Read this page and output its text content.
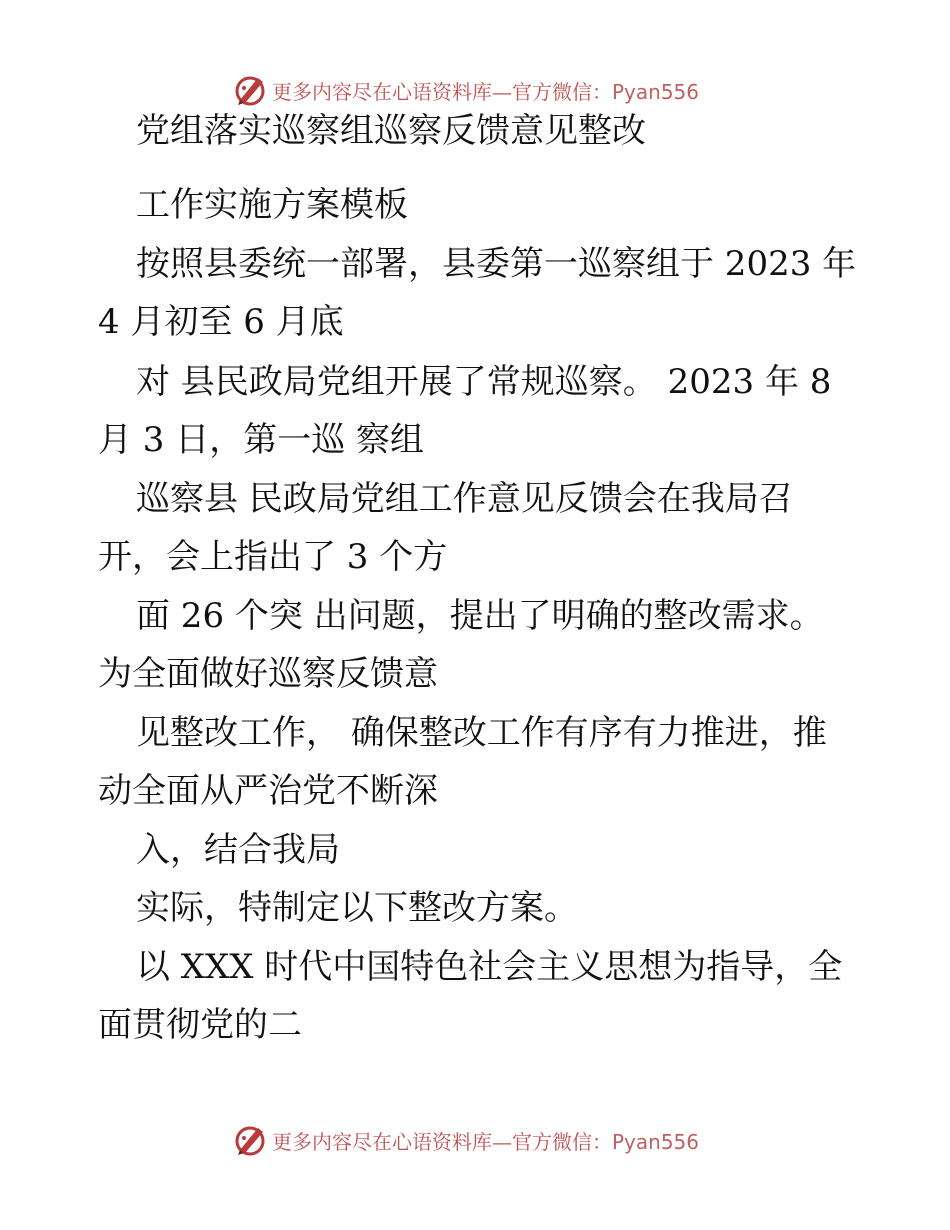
更多内容尽在心语资料库—官方微信：Pyan556
党组落实巡察组巡察反馈意见整改
工作实施方案模板
按照县委统一部署，县委第一巡察组于 2023 年
4 月初至 6 月底
对 县民政局党组开展了常规巡察。 2023 年 8
月 3 日，第一巡 察组
巡察县 民政局党组工作意见反馈会在我局召
开，会上指出了 3 个方
面 26 个突 出问题，提出了明确的整改需求。
为全面做好巡察反馈意
见整改工作， 确保整改工作有序有力推进，推
动全面从严治党不断深
入，结合我局
实际，特制定以下整改方案。
以 XXX 时代中国特色社会主义思想为指导，全
面贯彻党的二
更多内容尽在心语资料库—官方微信：Pyan556
